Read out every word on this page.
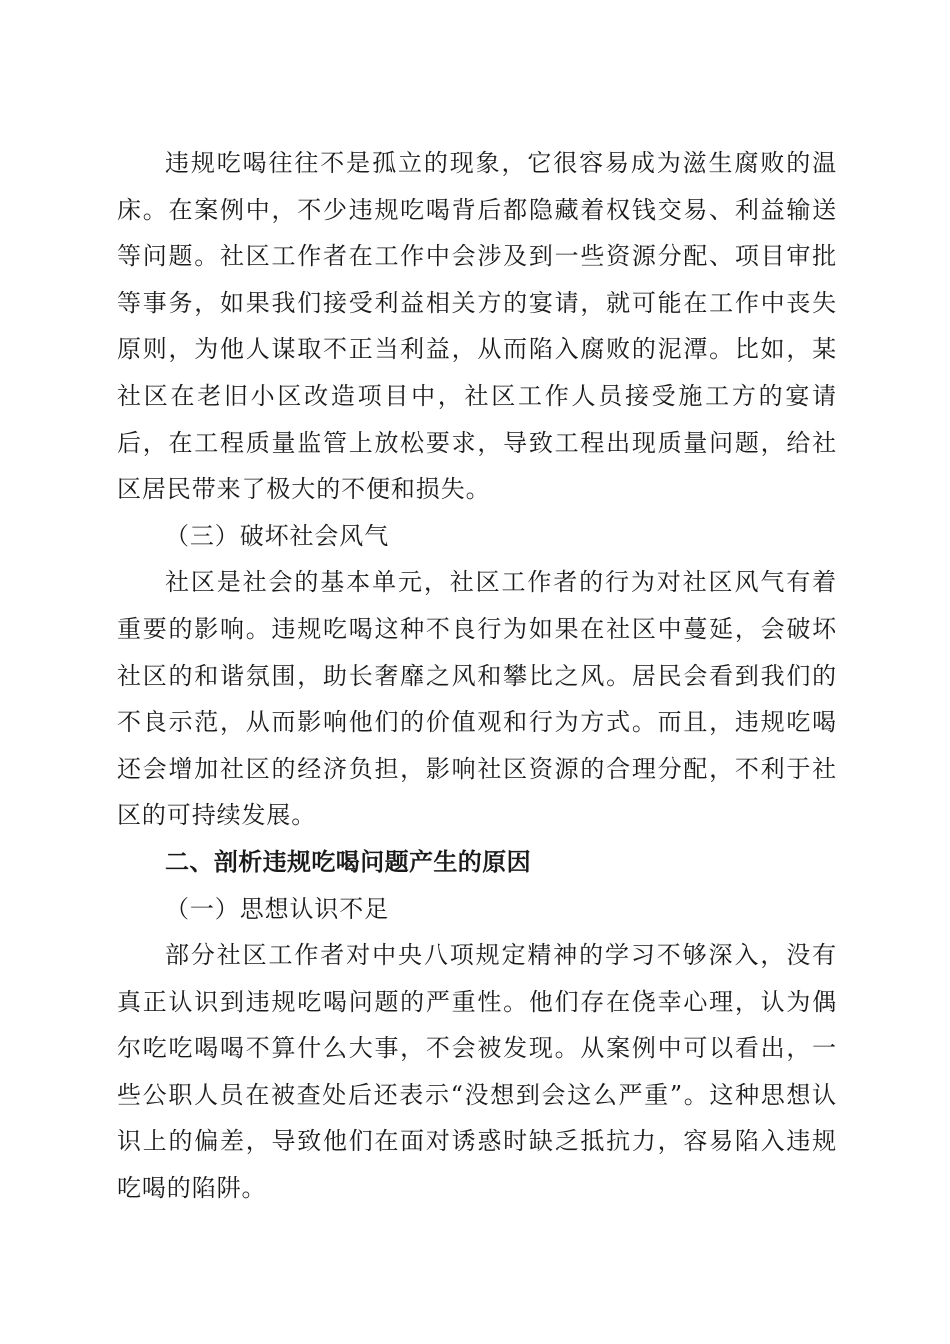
违规吃喝往往不是孤立的现象，它很容易成为滋生腐败的温床。在案例中，不少违规吃喝背后都隐藏着权钱交易、利益输送等问题。社区工作者在工作中会涉及到一些资源分配、项目审批等事务，如果我们接受利益相关方的宴请，就可能在工作中丧失原则，为他人谋取不正当利益，从而陷入腐败的泥潭。比如，某社区在老旧小区改造项目中，社区工作人员接受施工方的宴请后，在工程质量监管上放松要求，导致工程出现质量问题，给社区居民带来了极大的不便和损失。

（三）破坏社会风气

社区是社会的基本单元，社区工作者的行为对社区风气有着重要的影响。违规吃喝这种不良行为如果在社区中蔓延，会破坏社区的和谐氛围，助长奢靡之风和攀比之风。居民会看到我们的不良示范，从而影响他们的价值观和行为方式。而且，违规吃喝还会增加社区的经济负担，影响社区资源的合理分配，不利于社区的可持续发展。

二、剖析违规吃喝问题产生的原因

（一）思想认识不足

部分社区工作者对中央八项规定精神的学习不够深入，没有真正认识到违规吃喝问题的严重性。他们存在侥幸心理，认为偶尔吃吃喝喝不算什么大事，不会被发现。从案例中可以看出，一些公职人员在被查处后还表示“没想到会这么严重”。这种思想认识上的偏差，导致他们在面对诱惑时缺乏抵抗力，容易陷入违规吃喝的陷阱。
